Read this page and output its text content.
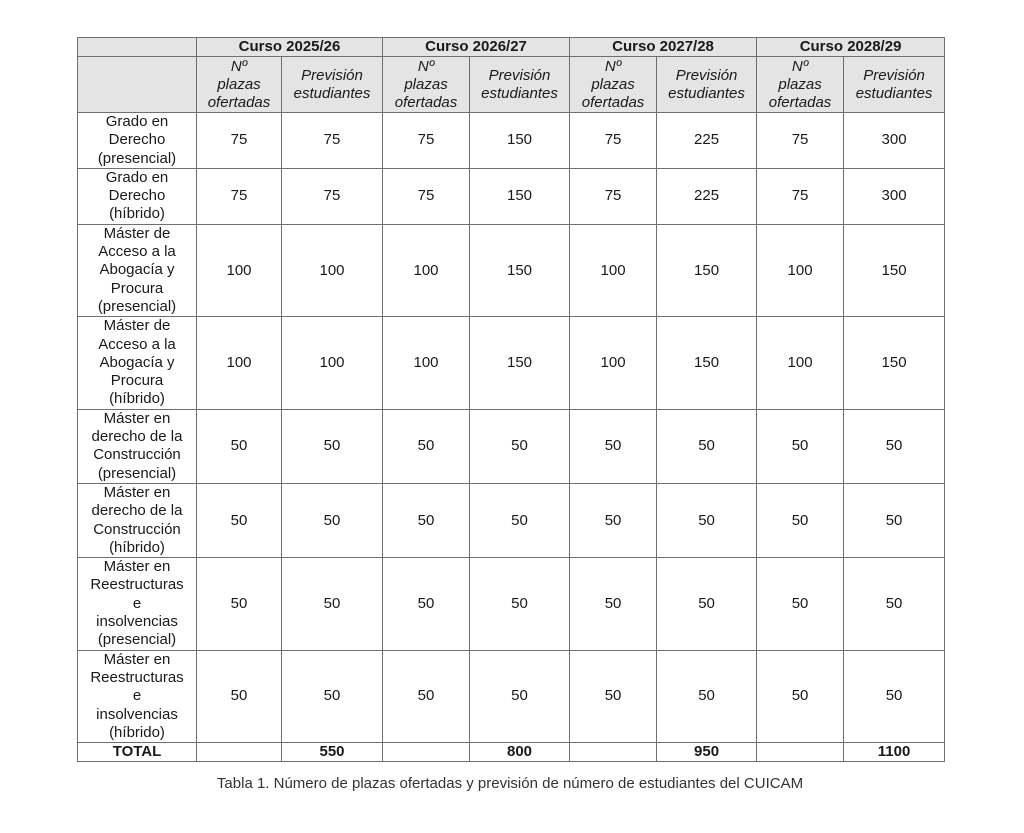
	Curso 2025/26		Curso 2026/27		Curso 2027/28		Curso 2028/29	
	Nº
plazas
ofertadas	Previsión
estudiantes	Nº
plazas
ofertadas	Previsión
estudiantes	Nº
plazas
ofertadas	Previsión
estudiantes	Nº
plazas
ofertadas	Previsión
estudiantes
Grado en
Derecho
(presencial)	75	75	75	150	75	225	75	300
Grado en
Derecho
(híbrido)	75	75	75	150	75	225	75	300
Máster de
Acceso a la
Abogacía y
Procura
(presencial)	100	100	100	150	100	150	100	150
Máster de
Acceso a la
Abogacía y
Procura
(híbrido)	100	100	100	150	100	150	100	150
Máster en
derecho de la
Construcción
(presencial)	50	50	50	50	50	50	50	50
Máster en
derecho de la
Construcción
(híbrido)	50	50	50	50	50	50	50	50
Máster en
Reestructuras
e
insolvencias
(presencial)	50	50	50	50	50	50	50	50
Máster en
Reestructuras
e
insolvencias
(híbrido)	50	50	50	50	50	50	50	50
TOTAL		550		800		950		1100
Tabla 1. Número de plazas ofertadas y previsión de número de estudiantes del CUICAM
